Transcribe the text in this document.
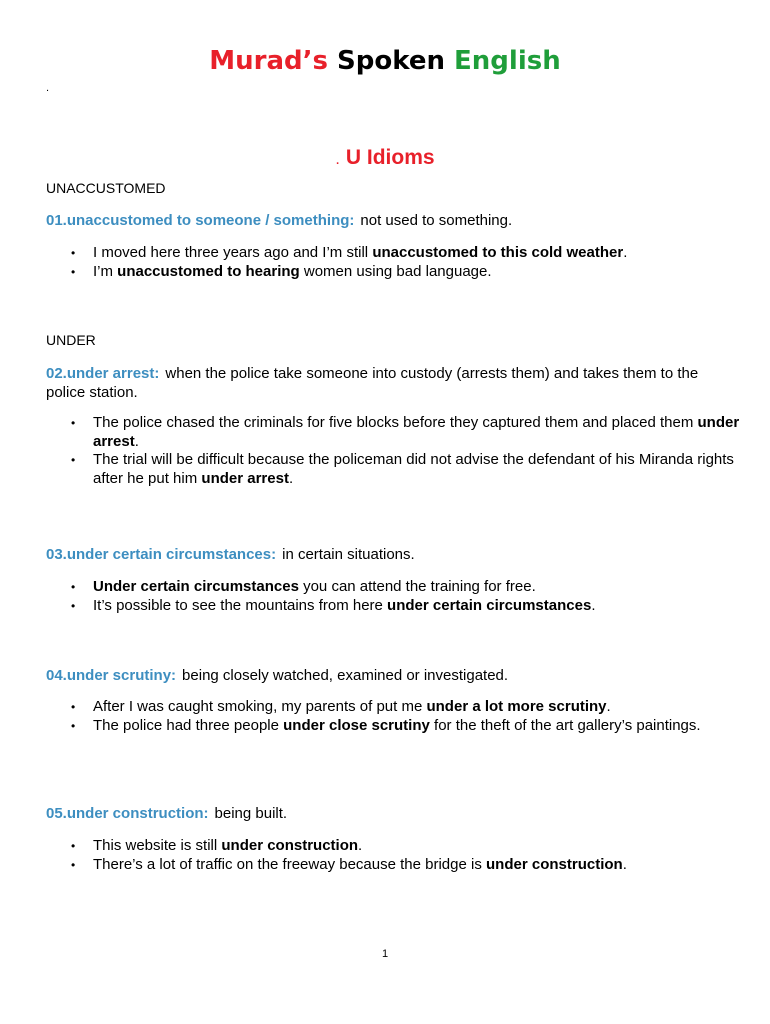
Murad’s Spoken English
.
. U Idioms
UNACCUSTOMED
01.unaccustomed to someone / something: not used to something.
• I moved here three years ago and I’m still unaccustomed to this cold weather.
• I’m unaccustomed to hearing women using bad language.
UNDER
02.under arrest: when the police take someone into custody (arrests them) and takes them to the police station.
• The police chased the criminals for five blocks before they captured them and placed them under arrest.
• The trial will be difficult because the policeman did not advise the defendant of his Miranda rights after he put him under arrest.
03.under certain circumstances: in certain situations.
• Under certain circumstances you can attend the training for free.
• It’s possible to see the mountains from here under certain circumstances.
04.under scrutiny: being closely watched, examined or investigated.
• After I was caught smoking, my parents of put me under a lot more scrutiny.
• The police had three people under close scrutiny for the theft of the art gallery’s paintings.
05.under construction: being built.
• This website is still under construction.
• There’s a lot of traffic on the freeway because the bridge is under construction.
1
